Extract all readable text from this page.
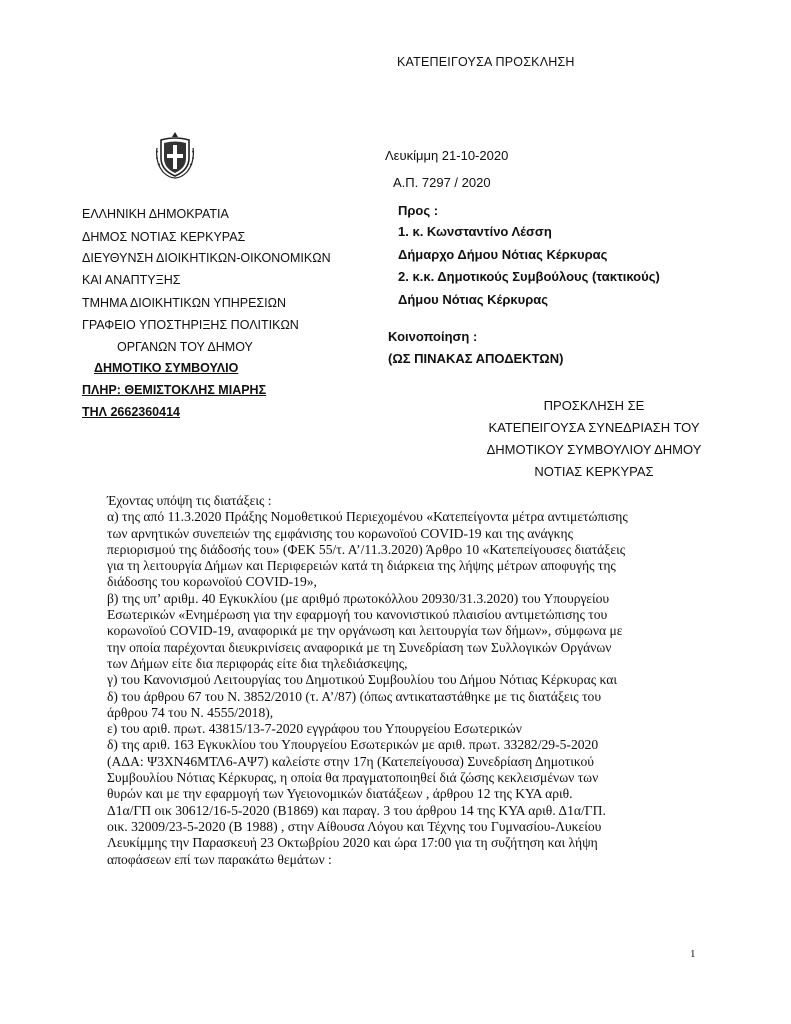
ΚΑΤΕΠΕΙΓΟΥΣΑ ΠΡΟΣΚΛΗΣΗ
Λευκίμμη 21-10-2020
Α.Π. 7297 / 2020
ΕΛΛΗΝΙΚΗ ΔΗΜΟΚΡΑΤΙΑ
ΔΗΜΟΣ ΝΟΤΙΑΣ ΚΕΡΚΥΡΑΣ
ΔΙΕΥΘΥΝΣΗ ΔΙΟΙΚΗΤΙΚΩΝ-ΟΙΚΟΝΟΜΙΚΩΝ
ΚΑΙ ΑΝΑΠΤΥΞΗΣ
ΤΜΗΜΑ ΔΙΟΙΚΗΤΙΚΩΝ ΥΠΗΡΕΣΙΩΝ
ΓΡΑΦΕΙΟ ΥΠΟΣΤΗΡΙΞΗΣ ΠΟΛΙΤΙΚΩΝ
ΟΡΓΑΝΩΝ ΤΟΥ ΔΗΜΟΥ
ΔΗΜΟΤΙΚΟ ΣΥΜΒΟΥΛΙΟ
ΠΛΗΡ: ΘΕΜΙΣΤΟΚΛΗΣ ΜΙΑΡΗΣ
ΤΗΛ 2662360414
Προς :
1. κ. Κωνσταντίνο Λέσση
Δήμαρχο Δήμου Νότιας Κέρκυρας
2. κ.κ. Δημοτικούς Συμβούλους (τακτικούς)
Δήμου Νότιας Κέρκυρας
Κοινοποίηση :
(ΩΣ ΠΙΝΑΚΑΣ ΑΠΟΔΕΚΤΩΝ)
ΠΡΟΣΚΛΗΣΗ ΣΕ
ΚΑΤΕΠΕΙΓΟΥΣΑ ΣΥΝΕΔΡΙΑΣΗ ΤΟΥ
ΔΗΜΟΤΙΚΟΥ ΣΥΜΒΟΥΛΙΟΥ ΔΗΜΟΥ
ΝΟΤΙΑΣ ΚΕΡΚΥΡΑΣ
Έχοντας υπόψη τις διατάξεις :
α) της από 11.3.2020 Πράξης Νομοθετικού Περιεχομένου «Κατεπείγοντα μέτρα αντιμετώπισης
των αρνητικών συνεπειών της εμφάνισης του κορωνοϊού COVID-19 και της ανάγκης
περιορισμού της διάδοσής του» (ΦΕΚ 55/τ. Α’/11.3.2020) Άρθρο 10 «Κατεπείγουσες διατάξεις
για τη λειτουργία Δήμων και Περιφερειών κατά τη διάρκεια της λήψης μέτρων αποφυγής της
διάδοσης του κορωνοϊού COVID-19»,
β) της υπ’ αριθμ. 40 Εγκυκλίου (με αριθμό πρωτοκόλλου 20930/31.3.2020) του Υπουργείου
Εσωτερικών «Ενημέρωση για την εφαρμογή του κανονιστικού πλαισίου αντιμετώπισης του
κορωνοϊού COVID-19, αναφορικά με την οργάνωση και λειτουργία των δήμων», σύμφωνα με
την οποία παρέχονται διευκρινίσεις αναφορικά με τη Συνεδρίαση των Συλλογικών Οργάνων
των Δήμων είτε δια περιφοράς είτε δια τηλεδιάσκεψης,
γ) του Κανονισμού Λειτουργίας του Δημοτικού Συμβουλίου του Δήμου Νότιας Κέρκυρας και
δ) του άρθρου 67 του Ν. 3852/2010 (τ. Α’/87) (όπως αντικαταστάθηκε με τις διατάξεις του
άρθρου 74 του Ν. 4555/2018),
ε) του αριθ. πρωτ. 43815/13-7-2020 εγγράφου του Υπουργείου Εσωτερικών
δ) της αριθ. 163 Εγκυκλίου του Υπουργείου Εσωτερικών με αριθ. πρωτ. 33282/29-5-2020
(ΑΔΑ: Ψ3ΧΝ46ΜΤΛ6-ΑΨ7) καλείστε στην 17η (Κατεπείγουσα) Συνεδρίαση Δημοτικού
Συμβουλίου Νότιας Κέρκυρας, η οποία θα πραγματοποιηθεί διά ζώσης κεκλεισμένων των
θυρών και με την εφαρμογή των Υγειονομικών διατάξεων , άρθρου 12 της ΚΥΑ αριθ.
Δ1α/ΓΠ οικ 30612/16-5-2020 (Β1869) και παραγ. 3 του άρθρου 14 της ΚΥΑ αριθ. Δ1α/ΓΠ.
οικ. 32009/23-5-2020 (Β 1988) , στην Αίθουσα Λόγου και Τέχνης του Γυμνασίου-Λυκείου
Λευκίμμης την Παρασκευή 23 Οκτωβρίου 2020 και ώρα 17:00 για τη συζήτηση και λήψη
αποφάσεων επί των παρακάτω θεμάτων :
1
